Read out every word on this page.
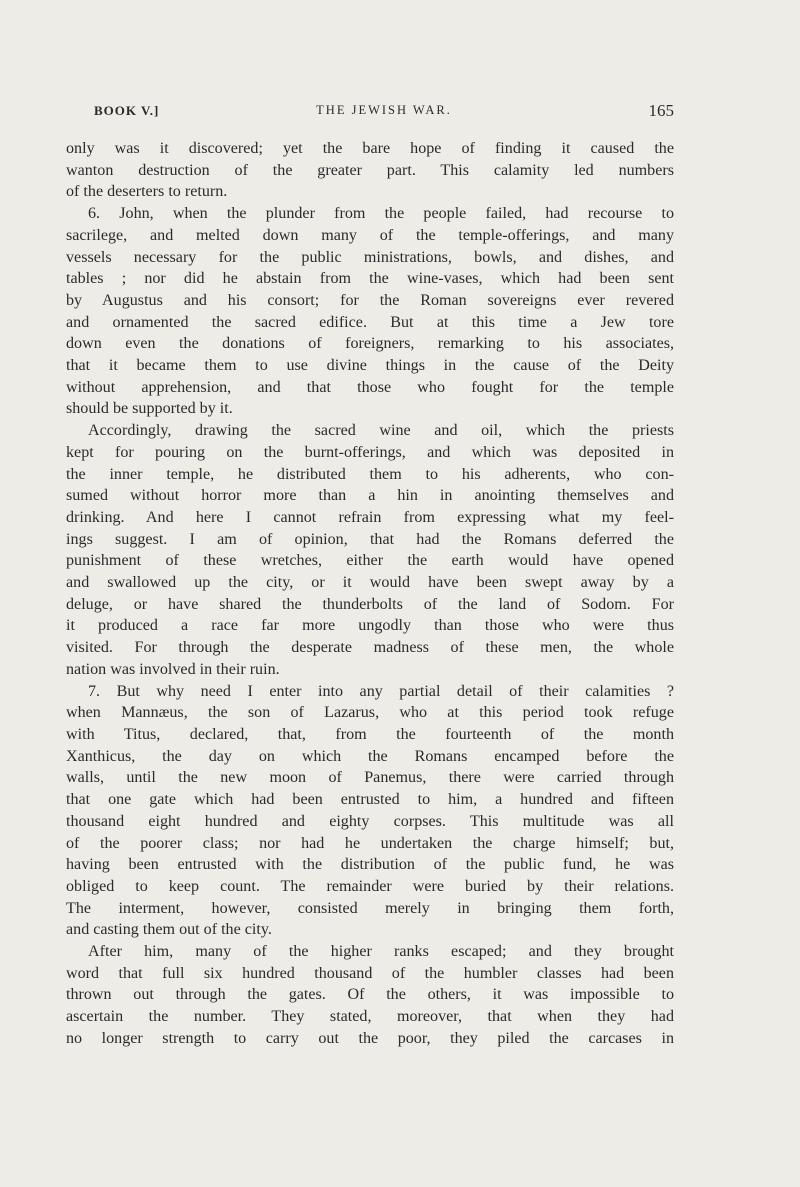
BOOK V.]	THE JEWISH WAR.	165
only was it discovered; yet the bare hope of finding it caused the
wanton destruction of the greater part. This calamity led numbers
of the deserters to return.
6. John, when the plunder from the people failed, had recourse to
sacrilege, and melted down many of the temple-offerings, and many
vessels necessary for the public ministrations, bowls, and dishes, and
tables ; nor did he abstain from the wine-vases, which had been sent
by Augustus and his consort; for the Roman sovereigns ever revered
and ornamented the sacred edifice. But at this time a Jew tore
down even the donations of foreigners, remarking to his associates,
that it became them to use divine things in the cause of the Deity
without apprehension, and that those who fought for the temple
should be supported by it.
Accordingly, drawing the sacred wine and oil, which the priests
kept for pouring on the burnt-offerings, and which was deposited in
the inner temple, he distributed them to his adherents, who con-
sumed without horror more than a hin in anointing themselves and
drinking. And here I cannot refrain from expressing what my feel-
ings suggest. I am of opinion, that had the Romans deferred the
punishment of these wretches, either the earth would have opened
and swallowed up the city, or it would have been swept away by a
deluge, or have shared the thunderbolts of the land of Sodom. For
it produced a race far more ungodly than those who were thus
visited. For through the desperate madness of these men, the whole
nation was involved in their ruin.
7. But why need I enter into any partial detail of their calamities ?
when Mannæus, the son of Lazarus, who at this period took refuge
with Titus, declared, that, from the fourteenth of the month
Xanthicus, the day on which the Romans encamped before the
walls, until the new moon of Panemus, there were carried through
that one gate which had been entrusted to him, a hundred and fifteen
thousand eight hundred and eighty corpses. This multitude was all
of the poorer class; nor had he undertaken the charge himself; but,
having been entrusted with the distribution of the public fund, he was
obliged to keep count. The remainder were buried by their relations.
The interment, however, consisted merely in bringing them forth,
and casting them out of the city.
After him, many of the higher ranks escaped; and they brought
word that full six hundred thousand of the humbler classes had been
thrown out through the gates. Of the others, it was impossible to
ascertain the number. They stated, moreover, that when they had
no longer strength to carry out the poor, they piled the carcases in
